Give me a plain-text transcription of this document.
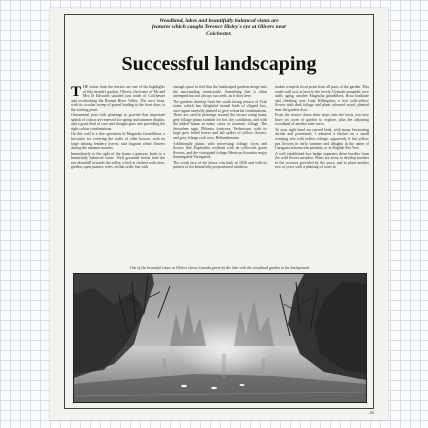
Woodland, lakes and beautifully balanced vistas are
features which caught Terence Illsley's eye at Olivers near
Colchester.
Successful landscaping

THE vistas from the terrace are one of the highlights of this month's garden, Olivers, the home of Mr and Mrs D Edwards situated just south of Colchester and overlooking the Roman River Valley. The west front, with its circular sweep of gravel leading to the front door, is the starting point.

Ornamental pots with plantings to provide that important splash of colour are renewed for spring and summer display, and a great deal of care and thought goes into providing the right colour combinations.

On this wall is a fine specimen of Magnolia Grandiflora, a favourite for covering the walls of older houses, with its large shining leathery leaves, and fragrant white flowers during the summer months.

Immediately to the right of the house a gateway leads to a beautifully balanced scene. Well groomed lawns lead the eye downhill towards the valley which is clothed with trees, garden, open pasture, trees, in that order, but with

enough space to feel that the landscaped gardens merge into the surrounding countryside. Something that is often attempted but not always succeeds, as it does here.

The gardens develop from the south facing terrace of York stone, which has delightful formal beds of clipped box, once again carefully planted to give colourful combinations. There are careful plantings around the terrace using many grey foliage plants suitable for hot, dry conditions, and with the added bonus in many cases of aromatic foliage. The Jerusalem sage, Phlomis fruticosa; Verbascum, with its large grey felted leaves and tall spikes of yellow flowers, and grey foliage rock rose, Helianthemum.

Additionally plants with interesting foliage, form and flower, like Euphorbia wulfenii with its yellowish green flowers, and the variegated foliage Mexican Astrantia major Sunningdale Variegated.

The south face of the house was built in 1820 and with its pattern of ten beautifully proportioned windows

makes a superb focal point from all parts of the garden. This south wall acts as host to the lovely Clematis armandii, now sadly aging, another Magnolia grandiflora, Rosa banksiae and climbing rose Lady Hillingdon; a rich yolk-yellow flower with dark foliage and plum coloured wood, planted near the garden door.

From the terrace down three steps onto the lawn, you now have six acres of garden to explore, plus the adjoining woodland of another nine acres.

To your right hand are curved beds, with many fascinating shrubs and perennials. I admired a thicket on a small weeping tree with yellow foliage, apparently it has yellow pea flowers in early summer and delights in the name of Caragana arborescens pendula, or in English Pea Tree.

A well established box hedge separates these borders from the wild flower meadow. Plans are afoot to develop borders in the recesses provided by the yews, and to plant another row of yews with a planting of roses to

One of the beautiful vistas at Olivers shows Canada geese by the lake with the woodland garden in the background.
43
